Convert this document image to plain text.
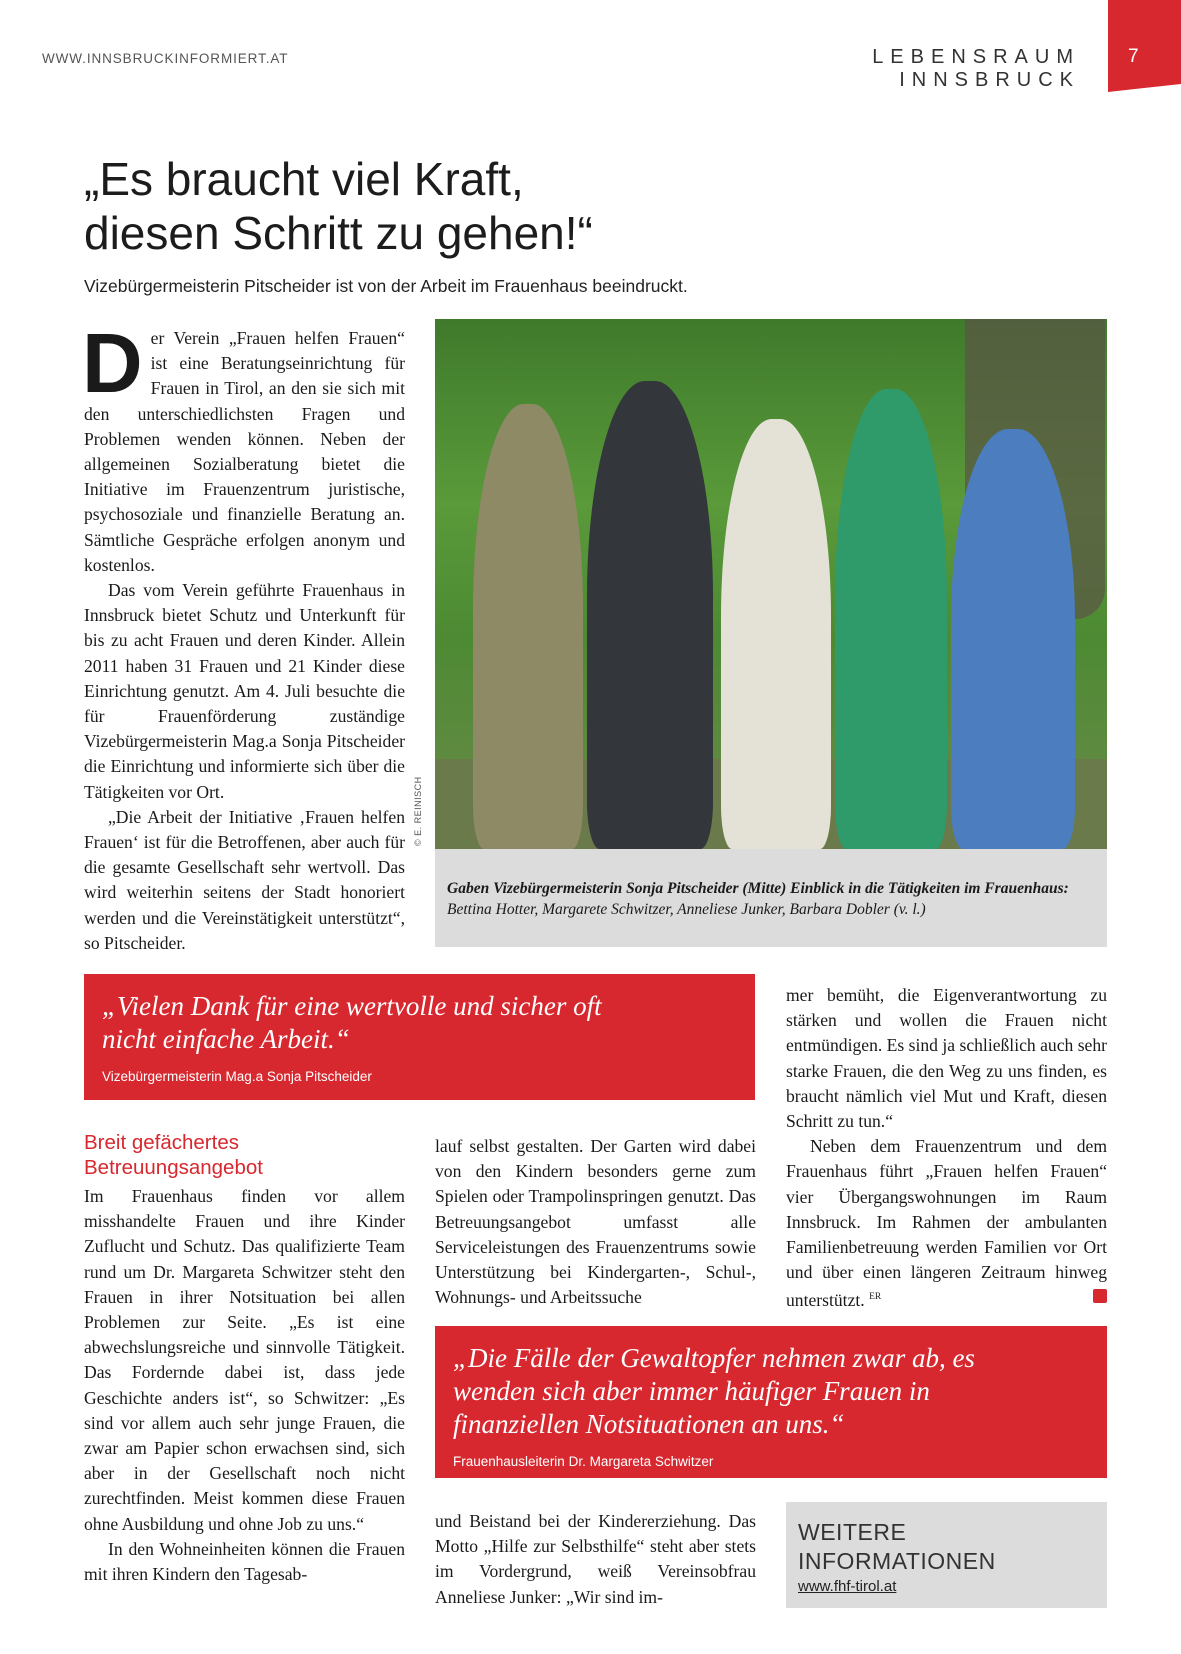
WWW.INNSBRUCKINFORMIERT.AT	LEBENSRAUM INNSBRUCK
7
„Es braucht viel Kraft,
diesen Schritt zu gehen!“
Vizebürgermeisterin Pitscheider ist von der Arbeit im Frauenhaus beeindruckt.
D er Verein „Frauen helfen Frauen“ ist eine Beratungseinrichtung für Frauen in Tirol, an den sie sich mit den unterschiedlichsten Fragen und Problemen wenden können. Neben der allgemeinen Sozialberatung bietet die Initiative im Frauenzentrum juristische, psychosoziale und finanzielle Beratung an. Sämtliche Gespräche erfolgen anonym und kostenlos.

Das vom Verein geführte Frauenhaus in Innsbruck bietet Schutz und Unterkunft für bis zu acht Frauen und deren Kinder. Allein 2011 haben 31 Frauen und 21 Kinder diese Einrichtung genutzt. Am 4. Juli besuchte die für Frauenförderung zuständige Vizebürgermeisterin Mag.a Sonja Pitscheider die Einrichtung und informierte sich über die Tätigkeiten vor Ort.

„Die Arbeit der Initiative ‚Frauen helfen Frauen‘ ist für die Betroffenen, aber auch für die gesamte Gesellschaft sehr wertvoll. Das wird weiterhin seitens der Stadt honoriert werden und die Vereinstätigkeit unterstützt“, so Pitscheider.

© E. REINISCH
Gaben Vizebürgermeisterin Sonja Pitscheider (Mitte) Einblick in die Tätigkeiten im Frauenhaus: Bettina Hotter, Margarete Schwitzer, Anneliese Junker, Barbara Dobler (v. l.)
„Vielen Dank für eine wertvolle und sicher oft nicht einfache Arbeit.“
Vizebürgermeisterin Mag.a Sonja Pitscheider
Breit gefächertes Betreuungsangebot

Im Frauenhaus finden vor allem misshandelte Frauen und ihre Kinder Zuflucht und Schutz. Das qualifizierte Team rund um Dr. Margareta Schwitzer steht den Frauen in ihrer Notsituation bei allen Problemen zur Seite. „Es ist eine abwechslungsreiche und sinnvolle Tätigkeit. Das Fordernde dabei ist, dass jede Geschichte anders ist“, so Schwitzer: „Es sind vor allem auch sehr junge Frauen, die zwar am Papier schon erwachsen sind, sich aber in der Gesellschaft noch nicht zurechtfinden. Meist kommen diese Frauen ohne Ausbildung und ohne Job zu uns.“

In den Wohneinheiten können die Frauen mit ihren Kindern den Tagesab-

lauf selbst gestalten. Der Garten wird dabei von den Kindern besonders gerne zum Spielen oder Trampolinspringen genutzt. Das Betreuungsangebot umfasst alle Serviceleistungen des Frauenzentrums sowie Unterstützung bei Kindergarten-, Schul-, Wohnungs- und Arbeitssuche

mer bemüht, die Eigenverantwortung zu stärken und wollen die Frauen nicht entmündigen. Es sind ja schließlich auch sehr starke Frauen, die den Weg zu uns finden, es braucht nämlich viel Mut und Kraft, diesen Schritt zu tun.“

Neben dem Frauenzentrum und dem Frauenhaus führt „Frauen helfen Frauen“ vier Übergangswohnungen im Raum Innsbruck. Im Rahmen der ambulanten Familienbetreuung werden Familien vor Ort und über einen längeren Zeitraum hinweg unterstützt. $^{ER}$

„Die Fälle der Gewaltopfer nehmen zwar ab, es wenden sich aber immer häufiger Frauen in finanziellen Notsituationen an uns.“
Frauenhausleiterin Dr. Margareta Schwitzer

und Beistand bei der Kindererziehung. Das Motto „Hilfe zur Selbsthilfe“ steht aber stets im Vordergrund, weiß Vereinsobfrau Anneliese Junker: „Wir sind im-

WEITERE
INFORMATIONEN
www.fhf-tirol.at
